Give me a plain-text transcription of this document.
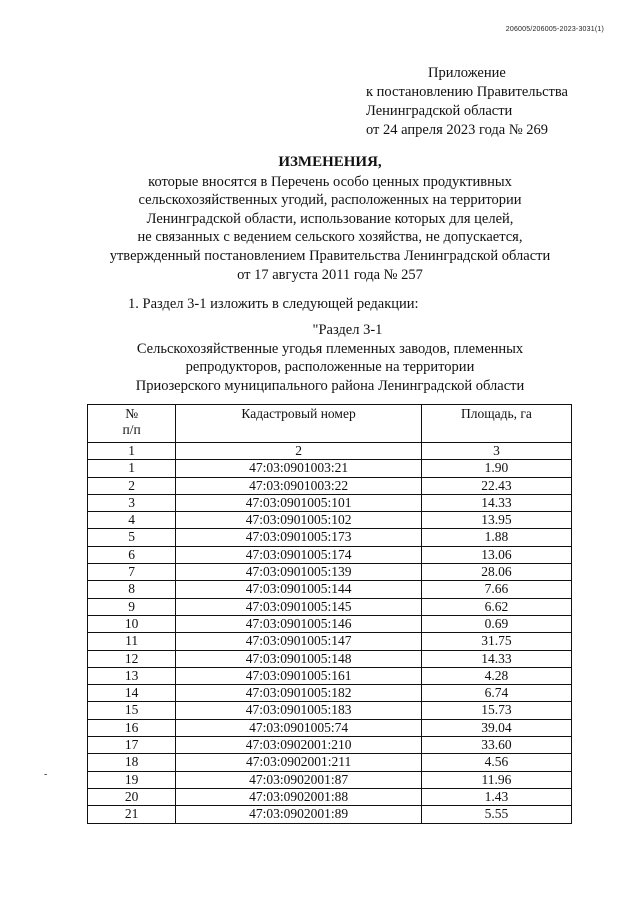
206005/206005-2023-3031(1)
Приложение
к постановлению Правительства
Ленинградской области
от 24 апреля 2023 года № 269
ИЗМЕНЕНИЯ,
которые вносятся в Перечень особо ценных продуктивных
сельскохозяйственных угодий, расположенных на территории
Ленинградской области, использование которых для целей,
не связанных с ведением сельского хозяйства, не допускается,
утвержденный постановлением Правительства Ленинградской области
от 17 августа 2011 года № 257
1. Раздел 3-1 изложить в следующей редакции:
"Раздел 3-1
Сельскохозяйственные угодья племенных заводов, племенных
репродукторов, расположенные на территории
Приозерского муниципального района Ленинградской области
№
п/п	Кадастровый номер	Площадь, га
1	2	3
1	47:03:0901003:21	1.90
2	47:03:0901003:22	22.43
3	47:03:0901005:101	14.33
4	47:03:0901005:102	13.95
5	47:03:0901005:173	1.88
6	47:03:0901005:174	13.06
7	47:03:0901005:139	28.06
8	47:03:0901005:144	7.66
9	47:03:0901005:145	6.62
10	47:03:0901005:146	0.69
11	47:03:0901005:147	31.75
12	47:03:0901005:148	14.33
13	47:03:0901005:161	4.28
14	47:03:0901005:182	6.74
15	47:03:0901005:183	15.73
16	47:03:0901005:74	39.04
17	47:03:0902001:210	33.60
18	47:03:0902001:211	4.56
19	47:03:0902001:87	11.96
20	47:03:0902001:88	1.43
21	47:03:0902001:89	5.55
-
